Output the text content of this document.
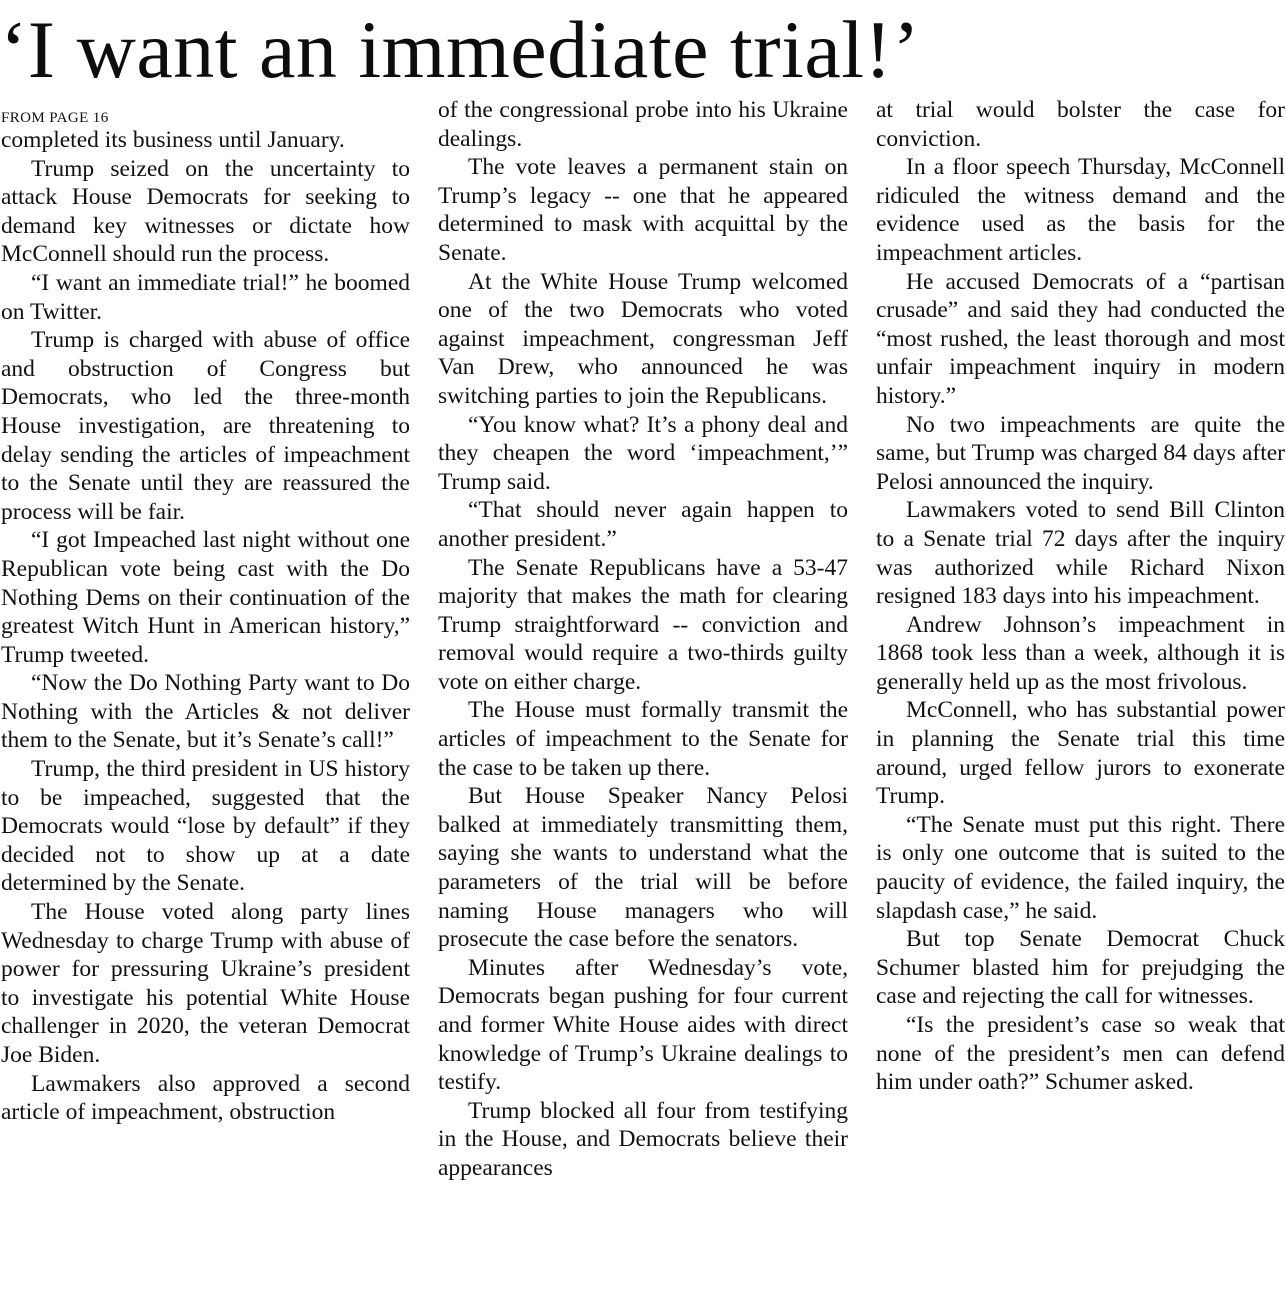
‘I want an immediate trial!’
FROM PAGE 16

completed its business until January.

Trump seized on the uncertainty to attack House Democrats for seeking to demand key witnesses or dictate how McConnell should run the process.

“I want an immediate trial!” he boomed on Twitter.

Trump is charged with abuse of office and obstruction of Congress but Democrats, who led the three-month House investigation, are threatening to delay sending the articles of impeachment to the Senate until they are reassured the process will be fair.

“I got Impeached last night without one Republican vote being cast with the Do Nothing Dems on their continuation of the greatest Witch Hunt in American history,” Trump tweeted.

“Now the Do Nothing Party want to Do Nothing with the Articles & not deliver them to the Senate, but it’s Senate’s call!”

Trump, the third president in US history to be impeached, suggested that the Democrats would “lose by default” if they decided not to show up at a date determined by the Senate.

The House voted along party lines Wednesday to charge Trump with abuse of power for pressuring Ukraine’s president to investigate his potential White House challenger in 2020, the veteran Democrat Joe Biden.

Lawmakers also approved a second article of impeachment, obstruction

of the congressional probe into his Ukraine dealings.

The vote leaves a permanent stain on Trump’s legacy -- one that he appeared determined to mask with acquittal by the Senate.

At the White House Trump welcomed one of the two Democrats who voted against impeachment, congressman Jeff Van Drew, who announced he was switching parties to join the Republicans.

“You know what? It’s a phony deal and they cheapen the word ‘impeachment,’” Trump said.

“That should never again happen to another president.”

The Senate Republicans have a 53-47 majority that makes the math for clearing Trump straightforward -- conviction and removal would require a two-thirds guilty vote on either charge.

The House must formally transmit the articles of impeachment to the Senate for the case to be taken up there.

But House Speaker Nancy Pelosi balked at immediately transmitting them, saying she wants to understand what the parameters of the trial will be before naming House managers who will prosecute the case before the senators.

Minutes after Wednesday’s vote, Democrats began pushing for four current and former White House aides with direct knowledge of Trump’s Ukraine dealings to testify.

Trump blocked all four from testifying in the House, and Democrats believe their appearances

at trial would bolster the case for conviction.

In a floor speech Thursday, McConnell ridiculed the witness demand and the evidence used as the basis for the impeachment articles.

He accused Democrats of a “partisan crusade” and said they had conducted the “most rushed, the least thorough and most unfair impeachment inquiry in modern history.”

No two impeachments are quite the same, but Trump was charged 84 days after Pelosi announced the inquiry.

Lawmakers voted to send Bill Clinton to a Senate trial 72 days after the inquiry was authorized while Richard Nixon resigned 183 days into his impeachment.

Andrew Johnson’s impeachment in 1868 took less than a week, although it is generally held up as the most frivolous.

McConnell, who has substantial power in planning the Senate trial this time around, urged fellow jurors to exonerate Trump.

“The Senate must put this right. There is only one outcome that is suited to the paucity of evidence, the failed inquiry, the slapdash case,” he said.

But top Senate Democrat Chuck Schumer blasted him for prejudging the case and rejecting the call for witnesses.

“Is the president’s case so weak that none of the president’s men can defend him under oath?” Schumer asked.
